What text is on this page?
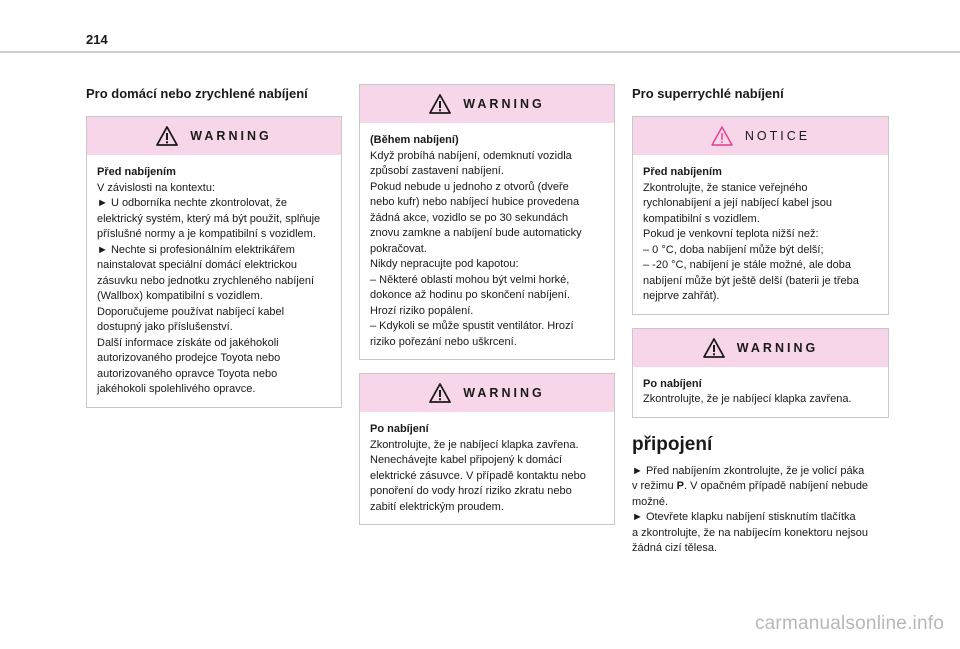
214
Pro domácí nebo zrychlené nabíjení
WARNING
Před nabíjením
V závislosti na kontextu:
► U odborníka nechte zkontrolovat, že
elektrický systém, který má být použit, splňuje
příslušné normy a je kompatibilní s vozidlem.
► Nechte si profesionálním elektrikářem
nainstalovat speciální domácí elektrickou
zásuvku nebo jednotku zrychleného nabíjení
(Wallbox) kompatibilní s vozidlem.
Doporučujeme používat nabíjecí kabel
dostupný jako příslušenství.
Další informace získáte od jakéhokoli
autorizovaného prodejce Toyota nebo
autorizovaného opravce Toyota nebo
jakéhokoli spolehlivého opravce.
WARNING
(Během nabíjení)
Když probíhá nabíjení, odemknutí vozidla
způsobí zastavení nabíjení.
Pokud nebude u jednoho z otvorů (dveře
nebo kufr) nebo nabíjecí hubice provedena
žádná akce, vozidlo se po 30 sekundách
znovu zamkne a nabíjení bude automaticky
pokračovat.
Nikdy nepracujte pod kapotou:
– Některé oblasti mohou být velmi horké,
dokonce až hodinu po skončení nabíjení.
Hrozí riziko popálení.
– Kdykoli se může spustit ventilátor. Hrozí
riziko pořezání nebo uškrcení.
WARNING
Po nabíjení
Zkontrolujte, že je nabíjecí klapka zavřena.
Nenechávejte kabel připojený k domácí
elektrické zásuvce. V případě kontaktu nebo
ponoření do vody hrozí riziko zkratu nebo
zabití elektrickým proudem.
Pro superrychlé nabíjení
NOTICE
Před nabíjením
Zkontrolujte, že stanice veřejného
rychlonabíjení a její nabíjecí kabel jsou
kompatibilní s vozidlem.
Pokud je venkovní teplota nižší než:
– 0 °C, doba nabíjení může být delší;
– -20 °C, nabíjení je stále možné, ale doba
nabíjení může být ještě delší (baterii je třeba
nejprve zahřát).
WARNING
Po nabíjení
Zkontrolujte, že je nabíjecí klapka zavřena.
připojení
► Před nabíjením zkontrolujte, že je volicí páka
v režimu P. V opačném případě nabíjení nebude
možné.
► Otevřete klapku nabíjení stisknutím tlačítka
a zkontrolujte, že na nabíjecím konektoru nejsou
žádná cizí tělesa.
carmanualsonline.info
